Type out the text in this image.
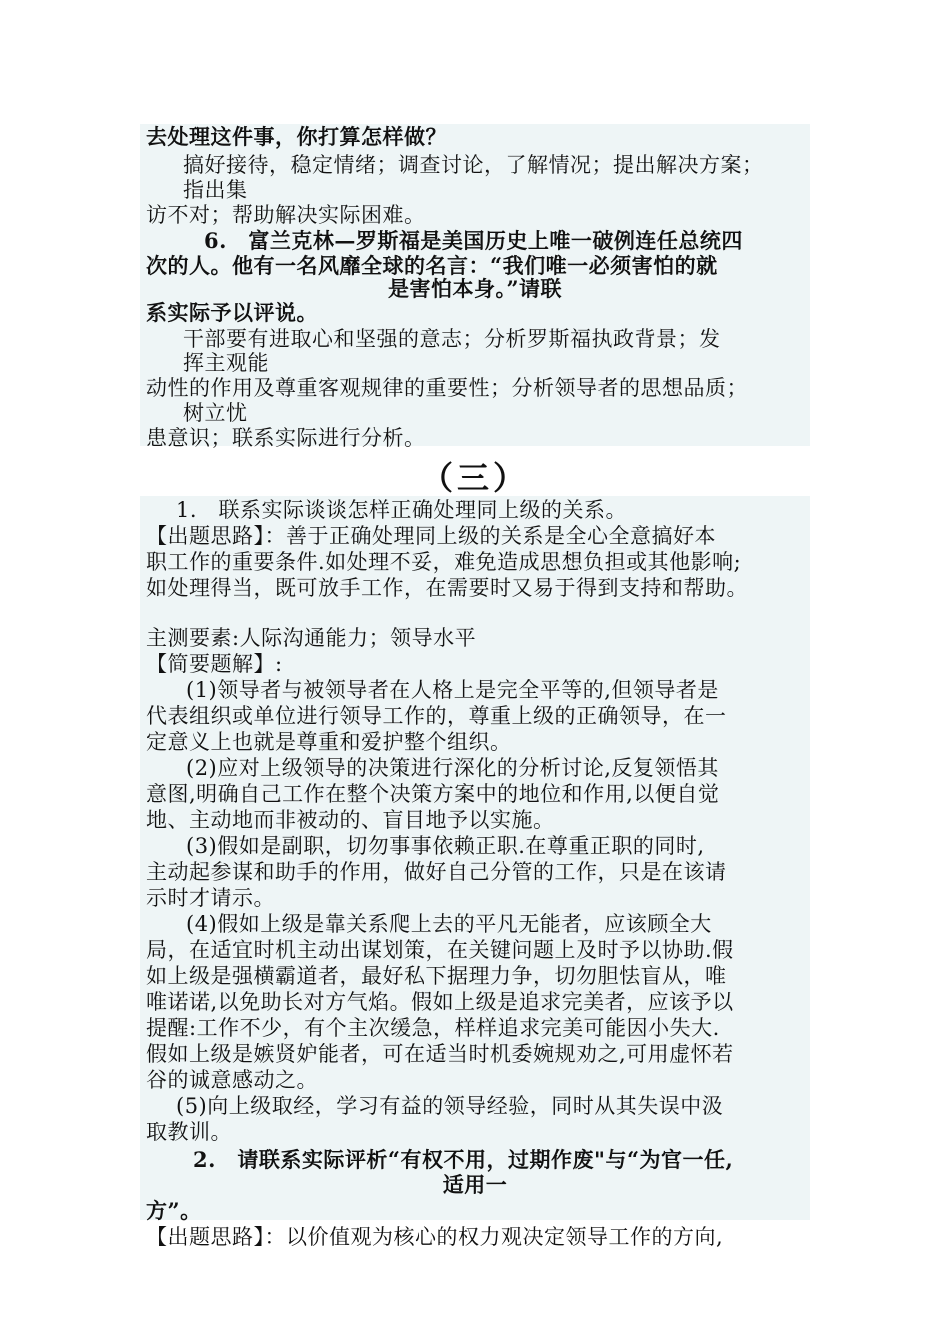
去处理这件事，你打算怎样做？
搞好接待，稳定情绪；调查讨论，了解情况；提出解决方案；
指出集
访不对；帮助解决实际困难。
6.　富兰克林—罗斯福是美国历史上唯一破例连任总统四
次的人。他有一名风靡全球的名言：“我们唯一必须害怕的就
是害怕本身。”请联
系实际予以评说。
干部要有进取心和坚强的意志；分析罗斯福执政背景；发
挥主观能
动性的作用及尊重客观规律的重要性；分析领导者的思想品质；
树立忧
患意识；联系实际进行分析。
（三）
1.　联系实际谈谈怎样正确处理同上级的关系。
【出题思路】：善于正确处理同上级的关系是全心全意搞好本
职工作的重要条件.如处理不妥，难免造成思想负担或其他影响;
如处理得当，既可放手工作，在需要时又易于得到支持和帮助。
主测要素:人际沟通能力；领导水平
【简要题解】:
(1)领导者与被领导者在人格上是完全平等的,但领导者是
代表组织或单位进行领导工作的，尊重上级的正确领导，在一
定意义上也就是尊重和爱护整个组织。
(2)应对上级领导的决策进行深化的分析讨论,反复领悟其
意图,明确自己工作在整个决策方案中的地位和作用,以便自觉
地、主动地而非被动的、盲目地予以实施。
(3)假如是副职，切勿事事依赖正职.在尊重正职的同时,
主动起参谋和助手的作用，做好自己分管的工作，只是在该请
示时才请示。
(4)假如上级是靠关系爬上去的平凡无能者，应该顾全大
局，在适宜时机主动出谋划策，在关键问题上及时予以协助.假
如上级是强横霸道者，最好私下据理力争，切勿胆怯盲从，唯
唯诺诺,以免助长对方气焰。假如上级是追求完美者，应该予以
提醒:工作不少，有个主次缓急，样样追求完美可能因小失大.
假如上级是嫉贤妒能者，可在适当时机委婉规劝之,可用虚怀若
谷的诚意感动之。
(5)向上级取经，学习有益的领导经验，同时从其失误中汲
取教训。
2.　请联系实际评析“有权不用，过期作废"与“为官一任,
适用一
方”。
【出题思路】：以价值观为核心的权力观决定领导工作的方向,
